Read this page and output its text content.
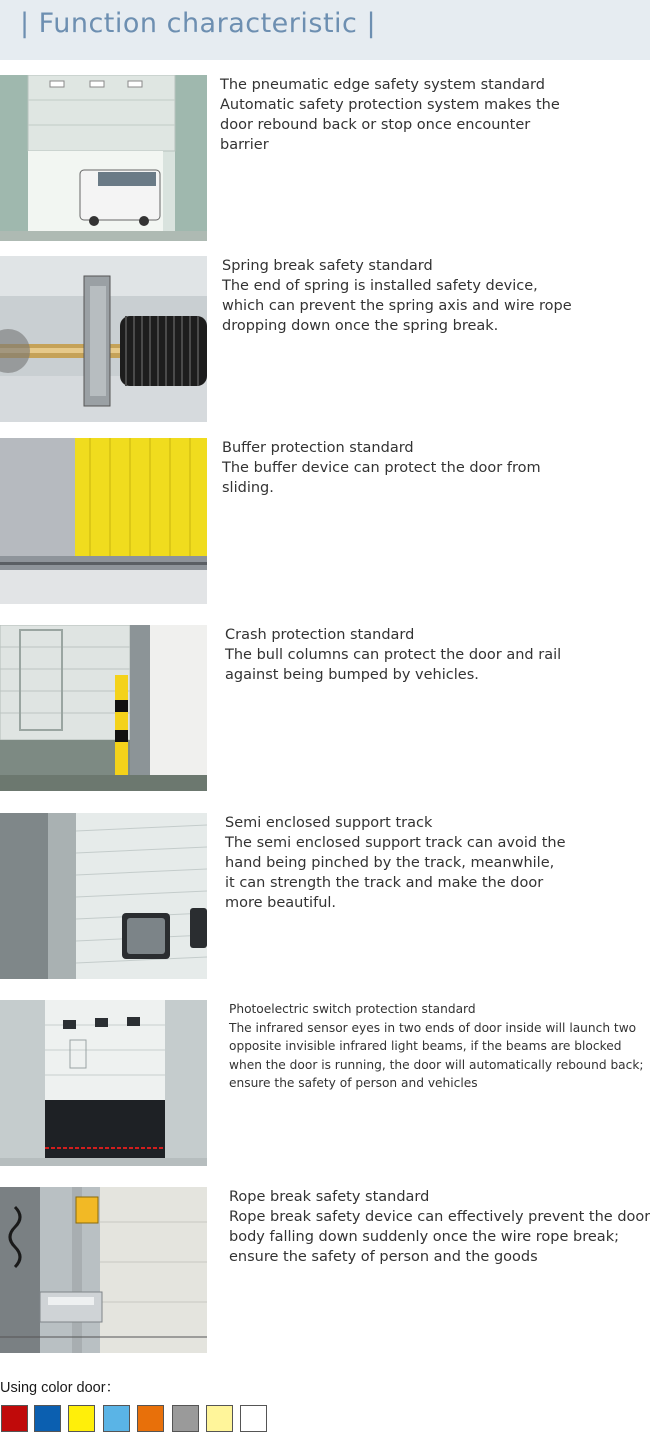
| Function characteristic |
The pneumatic edge safety system standard
Automatic safety protection system makes the
door rebound back or stop once encounter
barrier
Spring break safety standard
The end of spring is installed safety device,
which can prevent the spring axis and wire rope
dropping down once the spring break.
Buffer protection standard
The buffer device can protect the door from
sliding.
Crash protection standard
The bull columns can protect the door and rail
against being bumped by vehicles.
Semi enclosed support track
The semi enclosed support track can avoid the
hand being pinched by the track, meanwhile,
it can strength the track and make the door
more beautiful.
Photoelectric switch protection standard
The infrared sensor eyes in two ends of door inside will launch two
opposite invisible infrared light beams, if the beams are blocked
when the door is running, the door will automatically rebound back;
ensure the safety of person and vehicles
Rope break safety standard
Rope break safety device can effectively prevent the door
body falling down suddenly once the wire rope break;
ensure the safety of person and the goods
Using color door：
